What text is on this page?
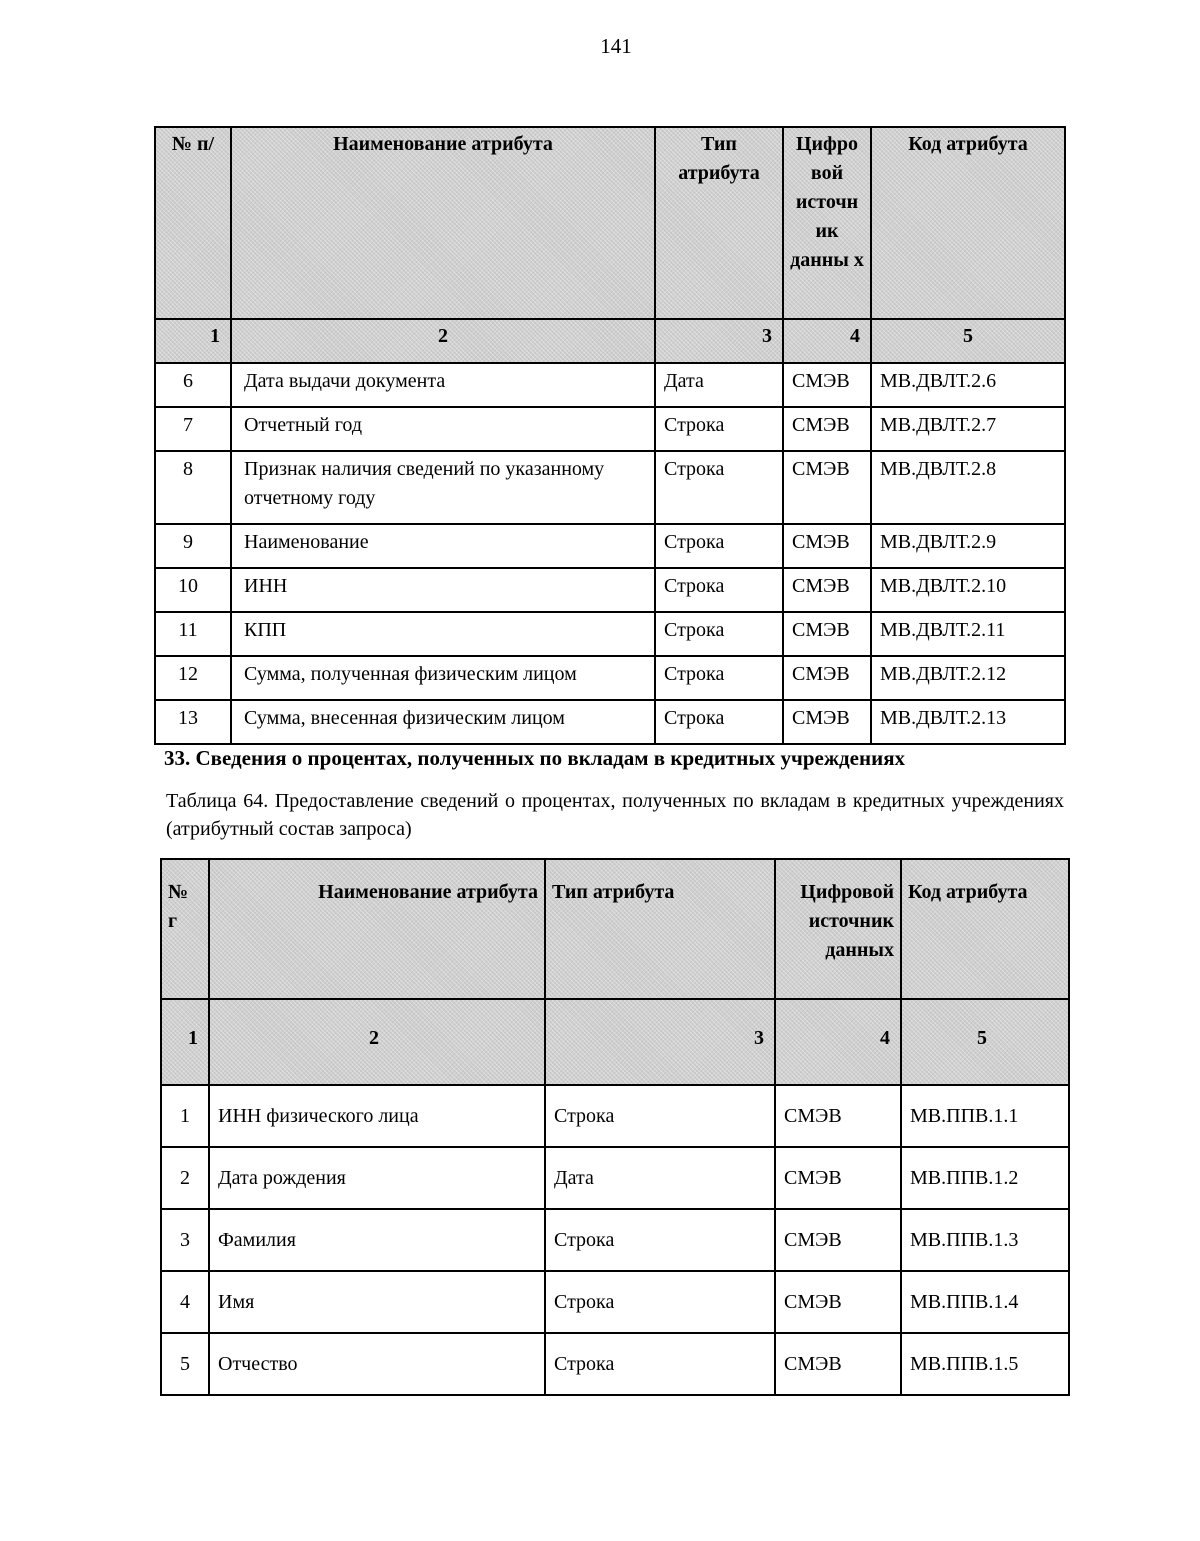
141
№ п/	Наименование атрибута	Тип атрибута	Цифро вой источн ик данны х	Код атрибута
1	2	3	4	5
6	Дата выдачи документа	Дата	СМЭВ	МВ.ДВЛТ.2.6
7	Отчетный год	Строка	СМЭВ	МВ.ДВЛТ.2.7
8	Признак наличия сведений по указанному отчетному году	Строка	СМЭВ	МВ.ДВЛТ.2.8
9	Наименование	Строка	СМЭВ	МВ.ДВЛТ.2.9
10	ИНН	Строка	СМЭВ	МВ.ДВЛТ.2.10
11	КПП	Строка	СМЭВ	МВ.ДВЛТ.2.11
12	Сумма, полученная физическим лицом	Строка	СМЭВ	МВ.ДВЛТ.2.12
13	Сумма, внесенная физическим лицом	Строка	СМЭВ	МВ.ДВЛТ.2.13
33. Сведения о процентах, полученных по вкладам в кредитных учреждениях
Таблица 64. Предоставление сведений о процентах, полученных по вкладам в кредитных учреждениях (атрибутный состав запроса)
№ г	Наименование атрибута	Тип атрибута	Цифровой источник данных	Код атрибута
1	2	3	4	5
1	ИНН физического лица	Строка	СМЭВ	МВ.ППВ.1.1
2	Дата рождения	Дата	СМЭВ	МВ.ППВ.1.2
3	Фамилия	Строка	СМЭВ	МВ.ППВ.1.3
4	Имя	Строка	СМЭВ	МВ.ППВ.1.4
5	Отчество	Строка	СМЭВ	МВ.ППВ.1.5
